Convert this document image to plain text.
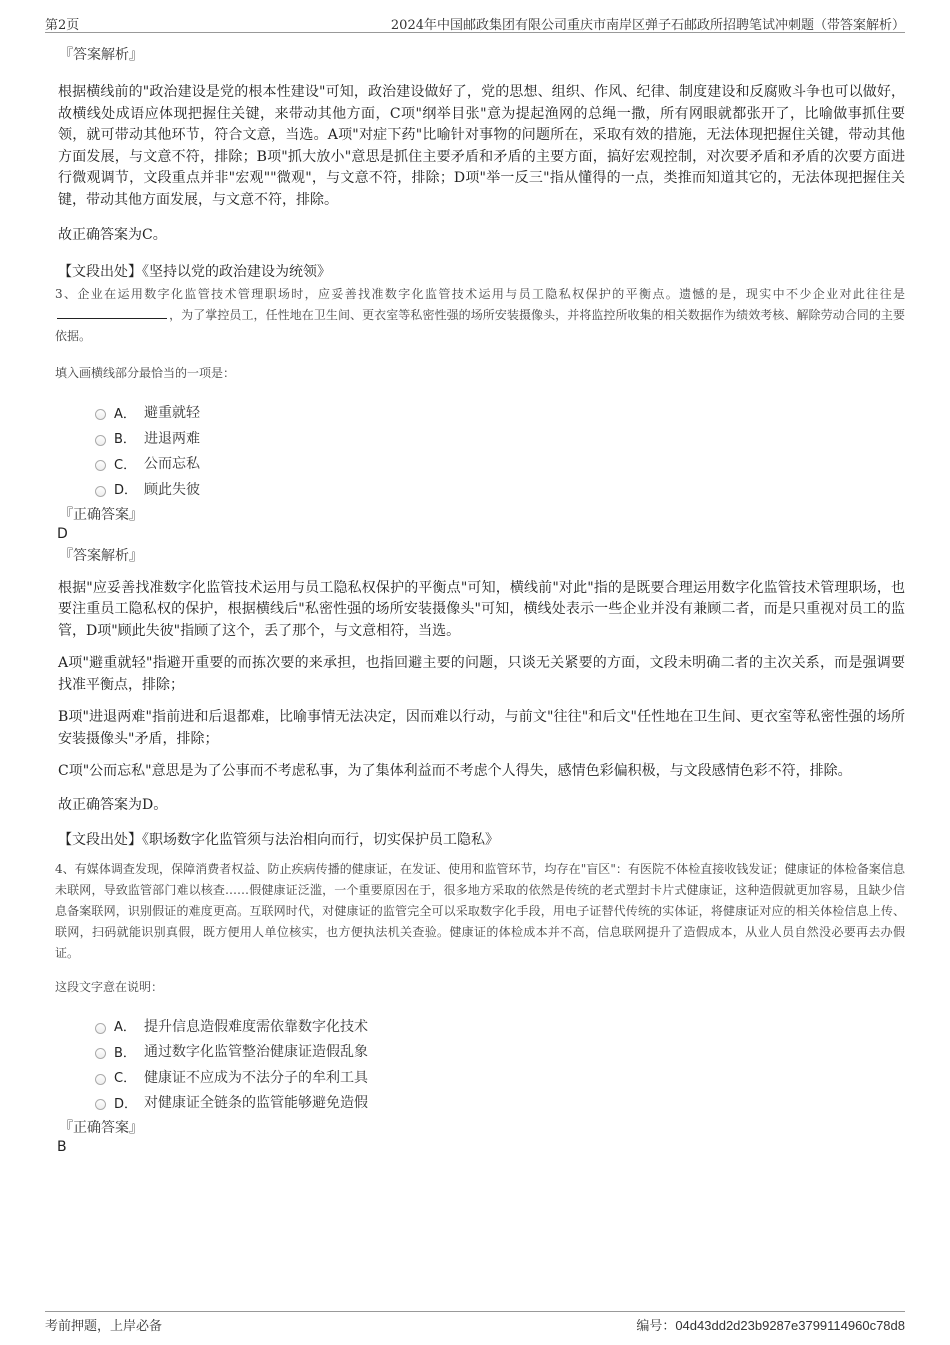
第2页	2024年中国邮政集团有限公司重庆市南岸区弹子石邮政所招聘笔试冲刺题（带答案解析）
『答案解析』

根据横线前的"政治建设是党的根本性建设"可知，政治建设做好了，党的思想、组织、作风、纪律、制度建设和反腐败斗争也可以做好，故横线处成语应体现把握住关键，来带动其他方面，C项"纲举目张"意为提起渔网的总绳一撒，所有网眼就都张开了，比喻做事抓住要领，就可带动其他环节，符合文意，当选。A项"对症下药"比喻针对事物的问题所在，采取有效的措施，无法体现把握住关键，带动其他方面发展，与文意不符，排除；B项"抓大放小"意思是抓住主要矛盾和矛盾的主要方面，搞好宏观控制，对次要矛盾和矛盾的次要方面进行微观调节，文段重点并非"宏观""微观"，与文意不符，排除；D项"举一反三"指从懂得的一点，类推而知道其它的，无法体现把握住关键，带动其他方面发展，与文意不符，排除。

故正确答案为C。

【文段出处】《坚持以党的政治建设为统领》

3、企业在运用数字化监管技术管理职场时，应妥善找准数字化监管技术运用与员工隐私权保护的平衡点。遗憾的是，现实中不少企业对此往往是，为了掌控员工，任性地在卫生间、更衣室等私密性强的场所安装摄像头，并将监控所收集的相关数据作为绩效考核、解除劳动合同的主要依据。

填入画横线部分最恰当的一项是：
A． 避重就轻
B． 进退两难
C． 公而忘私
D． 顾此失彼
『正确答案』
D
『答案解析』

根据"应妥善找准数字化监管技术运用与员工隐私权保护的平衡点"可知，横线前"对此"指的是既要合理运用数字化监管技术管理职场，也要注重员工隐私权的保护，根据横线后"私密性强的场所安装摄像头"可知，横线处表示一些企业并没有兼顾二者，而是只重视对员工的监管，D项"顾此失彼"指顾了这个，丢了那个，与文意相符，当选。

A项"避重就轻"指避开重要的而拣次要的来承担，也指回避主要的问题，只谈无关紧要的方面，文段未明确二者的主次关系，而是强调要找准平衡点，排除；

B项"进退两难"指前进和后退都难，比喻事情无法决定，因而难以行动，与前文"往往"和后文"任性地在卫生间、更衣室等私密性强的场所安装摄像头"矛盾，排除；

C项"公而忘私"意思是为了公事而不考虑私事，为了集体利益而不考虑个人得失，感情色彩偏积极，与文段感情色彩不符，排除。

故正确答案为D。

【文段出处】《职场数字化监管须与法治相向而行，切实保护员工隐私》

4、有媒体调查发现，保障消费者权益、防止疾病传播的健康证，在发证、使用和监管环节，均存在"盲区"：有医院不体检直接收钱发证；健康证的体检备案信息未联网，导致监管部门难以核查……假健康证泛滥，一个重要原因在于，很多地方采取的依然是传统的老式塑封卡片式健康证，这种造假就更加容易，且缺少信息备案联网，识别假证的难度更高。互联网时代，对健康证的监管完全可以采取数字化手段，用电子证替代传统的实体证，将健康证对应的相关体检信息上传、联网，扫码就能识别真假，既方便用人单位核实，也方便执法机关查验。健康证的体检成本并不高，信息联网提升了造假成本，从业人员自然没必要再去办假证。

这段文字意在说明：
A． 提升信息造假难度需依靠数字化技术
B． 通过数字化监管整治健康证造假乱象
C． 健康证不应成为不法分子的牟利工具
D． 对健康证全链条的监管能够避免造假
『正确答案』
B
考前押题，上岸必备	编号：04d43dd2d23b9287e3799114960c78d8
